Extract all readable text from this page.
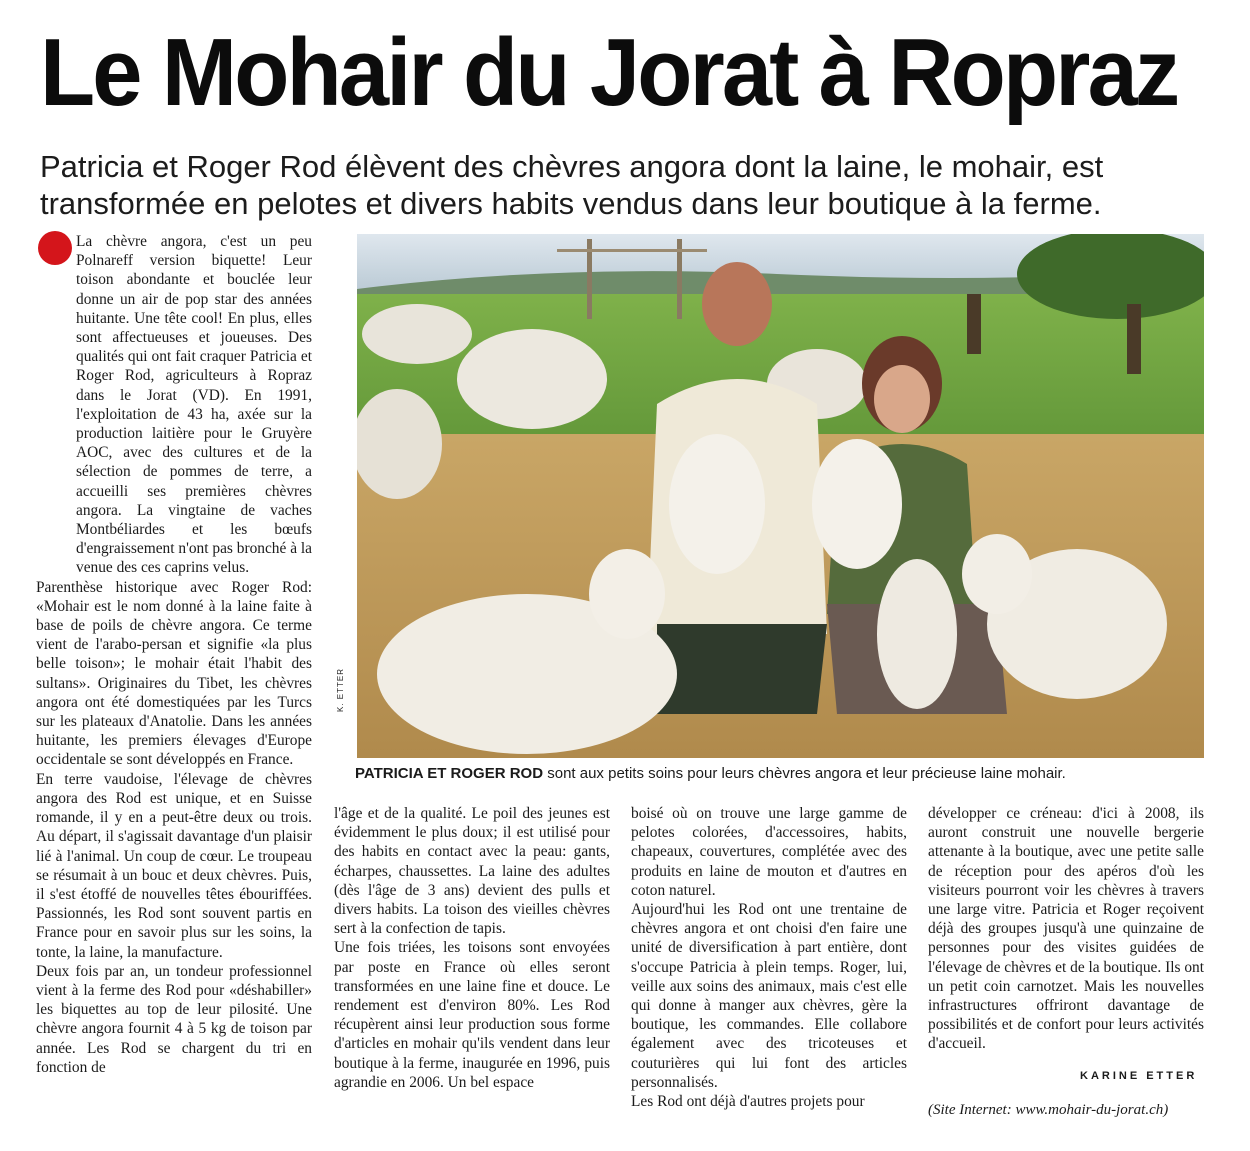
Le Mohair du Jorat à Ropraz
Patricia et Roger Rod élèvent des chèvres angora dont la laine, le mohair, est transformée en pelotes et divers habits vendus dans leur boutique à la ferme.

La chèvre angora, c'est un peu Polnareff version biquette! Leur toison abondante et bouclée leur donne un air de pop star des années huitante. Une tête cool! En plus, elles sont affectueuses et joueuses. Des qualités qui ont fait craquer Patricia et Roger Rod, agriculteurs à Ropraz dans le Jorat (VD). En 1991, l'exploitation de 43 ha, axée sur la production laitière pour le Gruyère AOC, avec des cultures et de la sélection de pommes de terre, a accueilli ses premières chèvres angora. La vingtaine de vaches Montbéliardes et les bœufs d'engraissement n'ont pas bronché à la venue des ces caprins velus.

Parenthèse historique avec Roger Rod: «Mohair est le nom donné à la laine faite à base de poils de chèvre angora. Ce terme vient de l'arabo-persan et signifie «la plus belle toison»; le mohair était l'habit des sultans». Originaires du Tibet, les chèvres angora ont été domestiquées par les Turcs sur les plateaux d'Anatolie. Dans les années huitante, les premiers élevages d'Europe occidentale se sont développés en France.

En terre vaudoise, l'élevage de chèvres angora des Rod est unique, et en Suisse romande, il y en a peut-être deux ou trois. Au départ, il s'agissait davantage d'un plaisir lié à l'animal. Un coup de cœur. Le troupeau se résumait à un bouc et deux chèvres. Puis, il s'est étoffé de nouvelles têtes ébouriffées. Passionnés, les Rod sont souvent partis en France pour en savoir plus sur les soins, la tonte, la laine, la manufacture.

Deux fois par an, un tondeur professionnel vient à la ferme des Rod pour «déshabiller» les biquettes au top de leur pilosité. Une chèvre angora fournit 4 à 5 kg de toison par année. Les Rod se chargent du tri en fonction de

K. ETTER
PATRICIA ET ROGER ROD sont aux petits soins pour leurs chèvres angora et leur précieuse laine mohair.

l'âge et de la qualité. Le poil des jeunes est évidemment le plus doux; il est utilisé pour des habits en contact avec la peau: gants, écharpes, chaussettes. La laine des adultes (dès l'âge de 3 ans) devient des pulls et divers habits. La toison des vieilles chèvres sert à la confection de tapis.

Une fois triées, les toisons sont envoyées par poste en France où elles seront transformées en une laine fine et douce. Le rendement est d'environ 80%. Les Rod récupèrent ainsi leur production sous forme d'articles en mohair qu'ils vendent dans leur boutique à la ferme, inaugurée en 1996, puis agrandie en 2006. Un bel espace

boisé où on trouve une large gamme de pelotes colorées, d'accessoires, habits, chapeaux, couvertures, complétée avec des produits en laine de mouton et d'autres en coton naturel.

Aujourd'hui les Rod ont une trentaine de chèvres angora et ont choisi d'en faire une unité de diversification à part entière, dont s'occupe Patricia à plein temps. Roger, lui, veille aux soins des animaux, mais c'est elle qui donne à manger aux chèvres, gère la boutique, les commandes. Elle collabore également avec des tricoteuses et couturières qui lui font des articles personnalisés.

Les Rod ont déjà d'autres projets pour

développer ce créneau: d'ici à 2008, ils auront construit une nouvelle bergerie attenante à la boutique, avec une petite salle de réception pour des apéros d'où les visiteurs pourront voir les chèvres à travers une large vitre. Patricia et Roger reçoivent déjà des groupes jusqu'à une quinzaine de personnes pour des visites guidées de l'élevage de chèvres et de la boutique. Ils ont un petit coin carnotzet. Mais les nouvelles infrastructures offriront davantage de possibilités et de confort pour leurs activités d'accueil.

KARINE ETTER
(Site Internet: www.mohair-du-jorat.ch)
